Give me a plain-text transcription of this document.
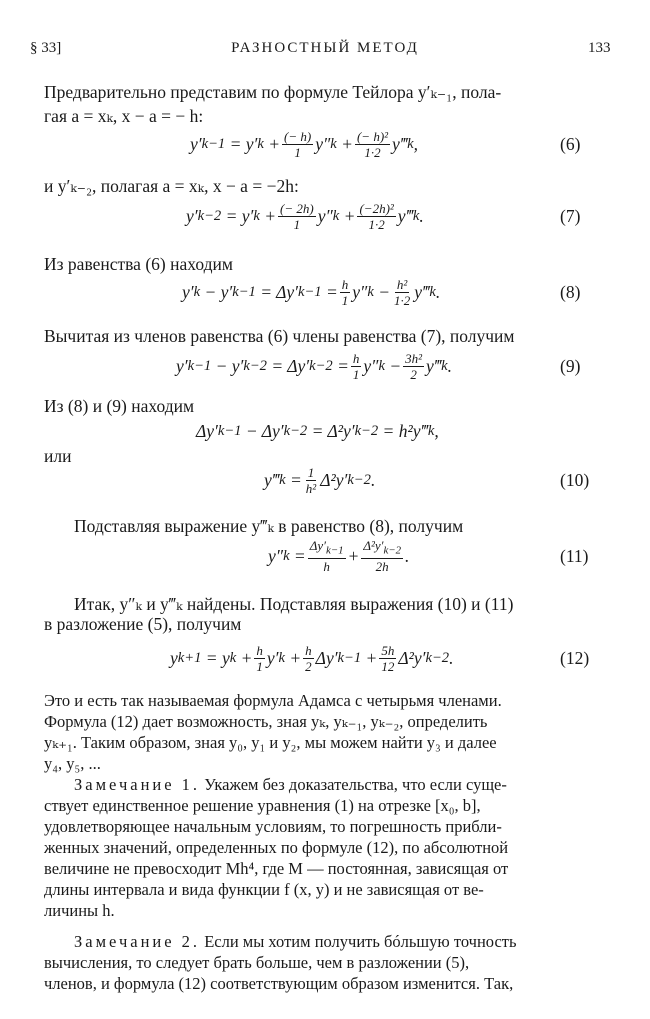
§ 33]	РАЗНОСТНЫЙ МЕТОД	133
Предварительно представим по формуле Тейлора y′ₖ₋₁, пола-
гая a = xₖ, x − a = − h:
y′ k−1 = y′ $k + \frac{(- h)}{1} y''$ $k + \frac{\text{(− h)²}}{1\cdot 2}$ y‴ k ,	(6)
и y′ₖ₋₂, полагая a = xₖ, x − a = −2h:
y′ k−2 = y′ $k + \frac{(- 2h)}{1} y''$ $k + \frac{\text{(−2h)²}}{1\cdot 2}$ y‴ k .	(7)
Из равенства (6) находим
y′ k − y′ k−1 = Δy′ $k-1 = \frac{h}{1} y''$ $k - \frac{\text{h²}}{1\cdot 2}$ y‴ k .	(8)
Вычитая из членов равенства (6) члены равенства (7), получим
y′ k−1 − y′ k−2 = Δy′ $k-2 = \frac{h}{1} y''$ $k - \frac{\text{3h²}}{2}$ y‴ k .	(9)
Из (8) и (9) находим
Δy′ k−1 − Δy′ k−2 = Δ²y′ k−2 = h²y‴ k ,
или
y‴ $k = \frac{1}{\text{h²}} \Delta^2y'$ k−2 .	(10)
Подставляя выражение y‴ₖ в равенство (8), получим
y″ $k = \frac{\Delta y'_{k-1}}{h} + \frac{\Delta^2y'_{k-2}}{2h}$ .	(11)
Итак, y″ₖ и y‴ₖ найдены. Подставляя выражения (10) и (11)
в разложение (5), получим
y k+1 = y $k + \frac{h}{1} y'$ $k + \frac{h}{2} \Delta y'$ $k-1 + \frac{5h}{12} \Delta^2y'$ k−2 .	(12)
Это и есть так называемая формула Адамса с четырьмя членами.
Формула (12) дает возможность, зная yₖ, yₖ₋₁, yₖ₋₂, определить
yₖ₊₁. Таким образом, зная y₀, y₁ и y₂, мы можем найти y₃ и далее
y₄, y₅, ...
Замечание 1. Укажем без доказательства, что если суще-
ствует единственное решение уравнения (1) на отрезке [x₀, b],
удовлетворяющее начальным условиям, то погрешность прибли-
женных значений, определенных по формуле (12), по абсолютной
величине не превосходит Mh⁴, где M — постоянная, зависящая от
длины интервала и вида функции f (x, y) и не зависящая от ве-
личины h.
Замечание 2. Если мы хотим получить бóльшую точность
вычисления, то следует брать больше, чем в разложении (5),
членов, и формула (12) соответствующим образом изменится. Так,
